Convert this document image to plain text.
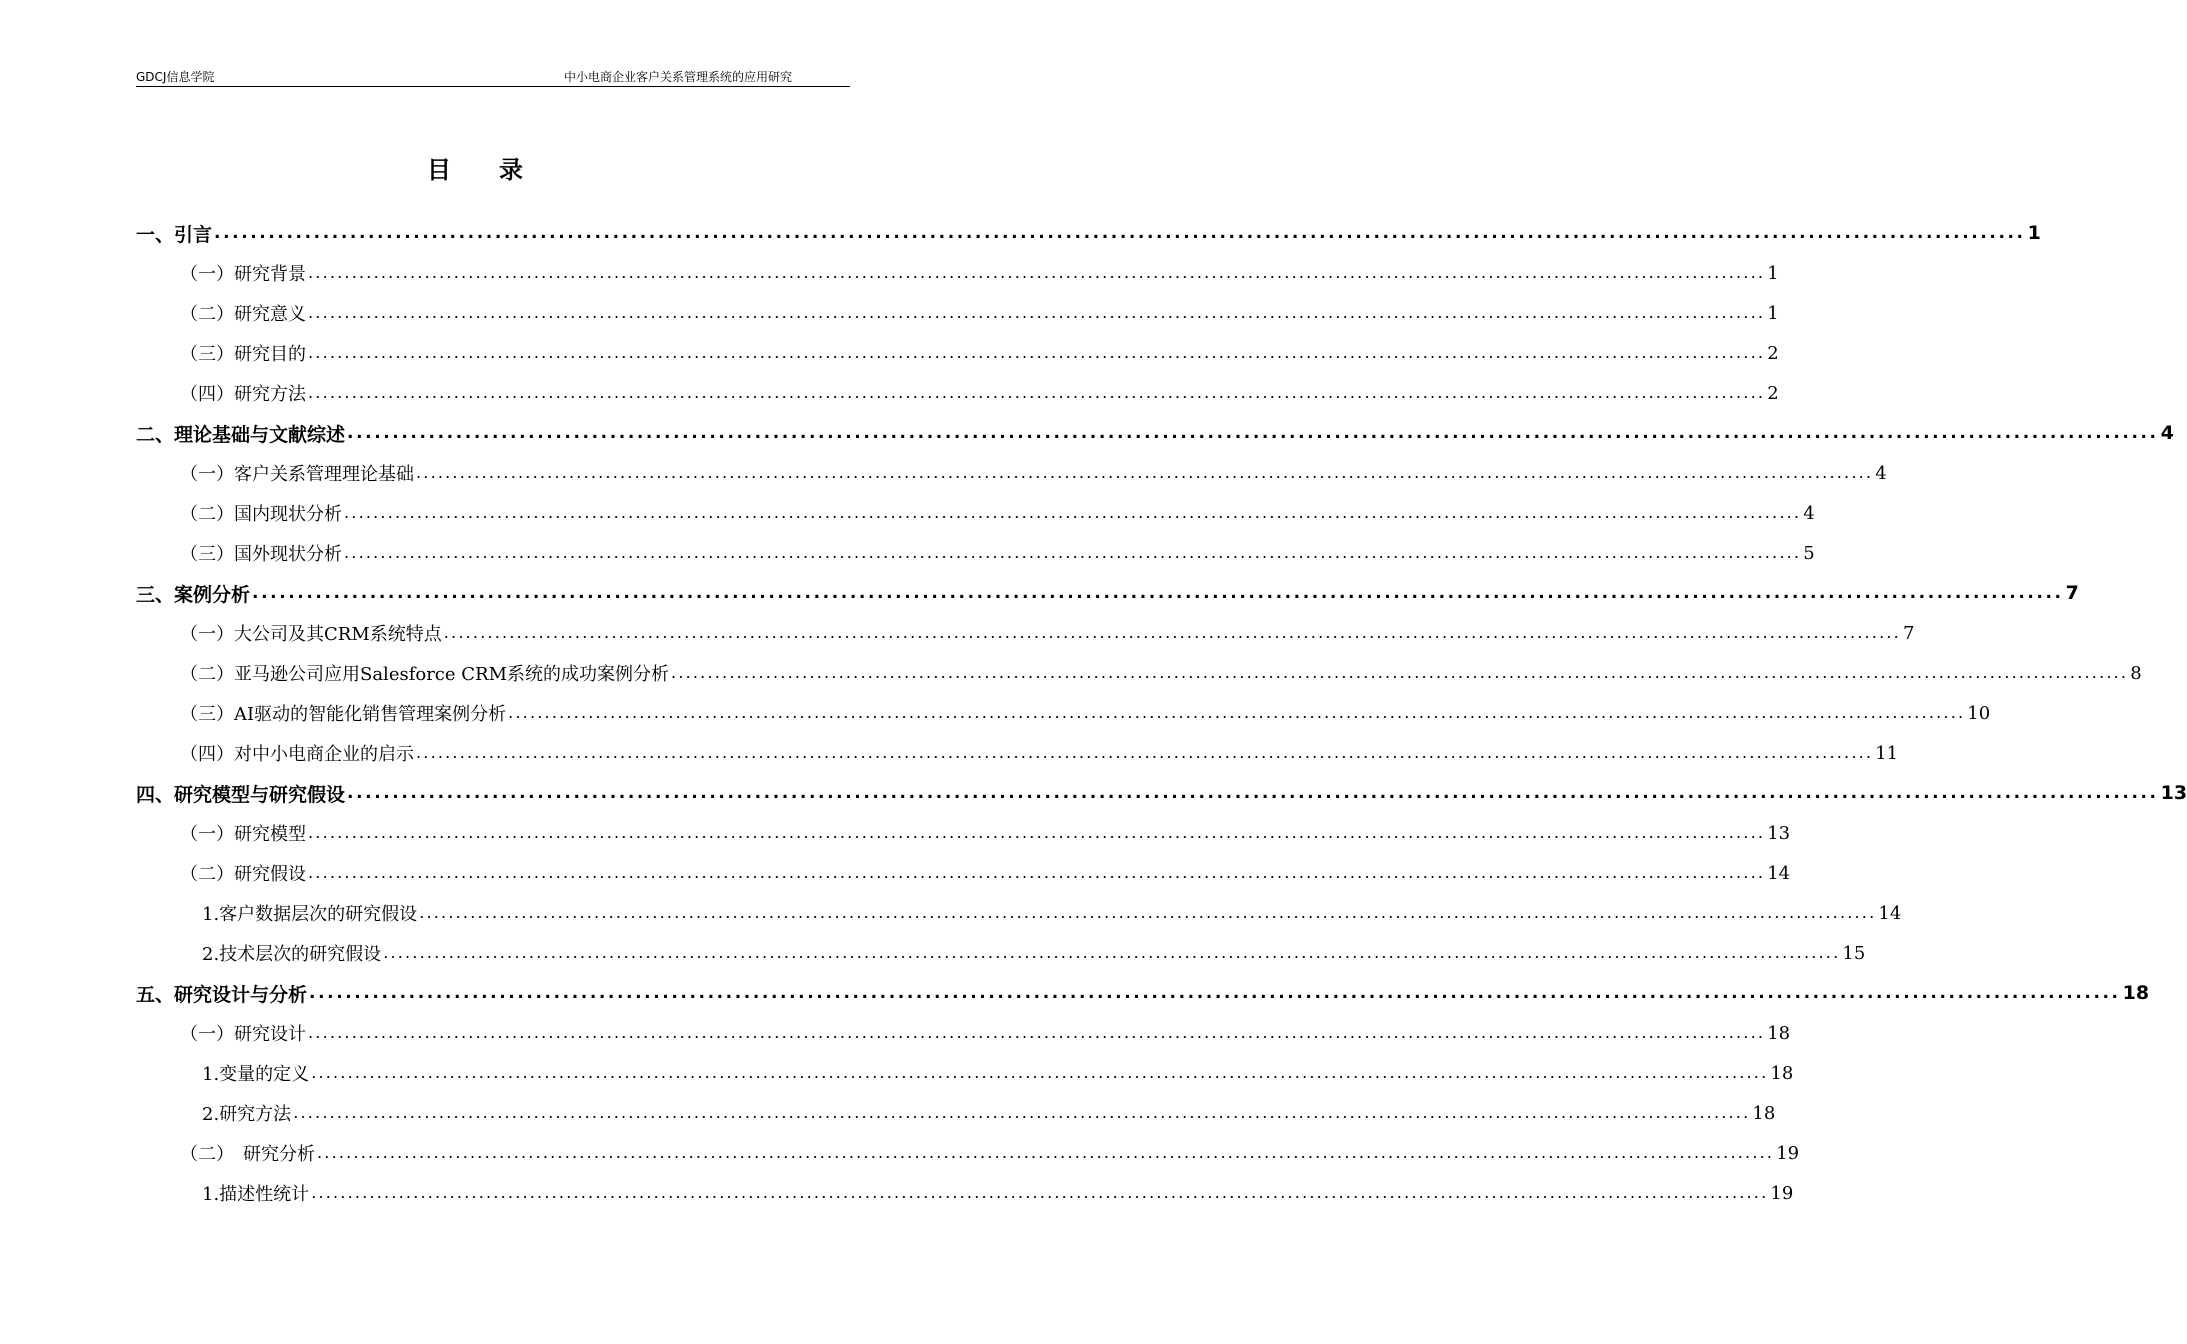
GDCJ信息学院	中小电商企业客户关系管理系统的应用研究
目　　录
一、引言 ........................................................................................................................................................................................................ 1
（一）研究背景 ........................................................................................................................................................................................................ 1
（二）研究意义 ........................................................................................................................................................................................................ 1
（三）研究目的 ........................................................................................................................................................................................................ 2
（四）研究方法 ........................................................................................................................................................................................................ 2
二、理论基础与文献综述 ........................................................................................................................................................................................................ 4
（一）客户关系管理理论基础 ........................................................................................................................................................................................................ 4
（二）国内现状分析 ........................................................................................................................................................................................................ 4
（三）国外现状分析 ........................................................................................................................................................................................................ 5
三、案例分析 ........................................................................................................................................................................................................ 7
（一）大公司及其CRM系统特点 ........................................................................................................................................................................................................ 7
（二）亚马逊公司应用Salesforce CRM系统的成功案例分析 ........................................................................................................................................................................................................ 8
（三）AI驱动的智能化销售管理案例分析 ........................................................................................................................................................................................................ 10
（四）对中小电商企业的启示 ........................................................................................................................................................................................................ 11
四、研究模型与研究假设 ........................................................................................................................................................................................................ 13
（一）研究模型 ........................................................................................................................................................................................................ 13
（二）研究假设 ........................................................................................................................................................................................................ 14
1.客户数据层次的研究假设 ........................................................................................................................................................................................................ 14
2.技术层次的研究假设 ........................................................................................................................................................................................................ 15
五、研究设计与分析 ........................................................................................................................................................................................................ 18
（一）研究设计 ........................................................................................................................................................................................................ 18
1.变量的定义 ........................................................................................................................................................................................................ 18
2.研究方法 ........................................................................................................................................................................................................ 18
（二）　研究分析 ........................................................................................................................................................................................................ 19
1.描述性统计 ........................................................................................................................................................................................................ 19
